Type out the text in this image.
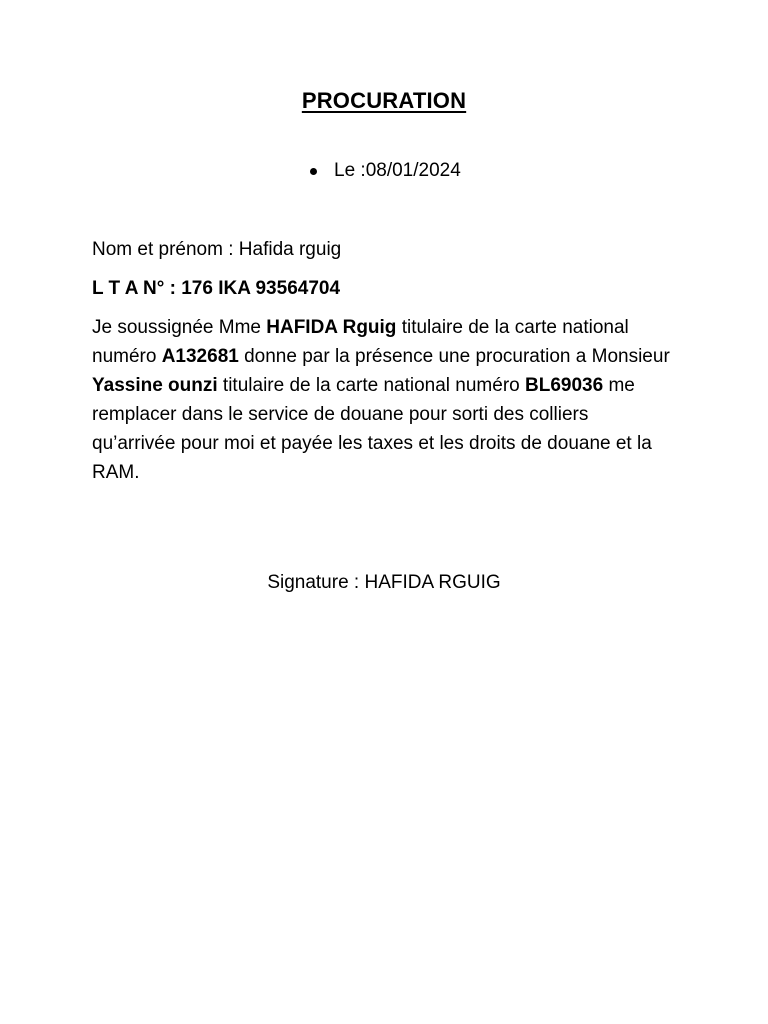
PROCURATION
Le :08/01/2024
Nom et prénom : Hafida rguig
L T A N° : 176 IKA 93564704
Je soussignée Mme HAFIDA Rguig titulaire de la carte national numéro A132681 donne par la présence une procuration a Monsieur Yassine ounzi titulaire de la carte national numéro BL69036 me remplacer dans le service de douane pour sorti des colliers qu’arrivée pour moi et payée les taxes et les droits de douane et la RAM.
Signature : HAFIDA RGUIG
